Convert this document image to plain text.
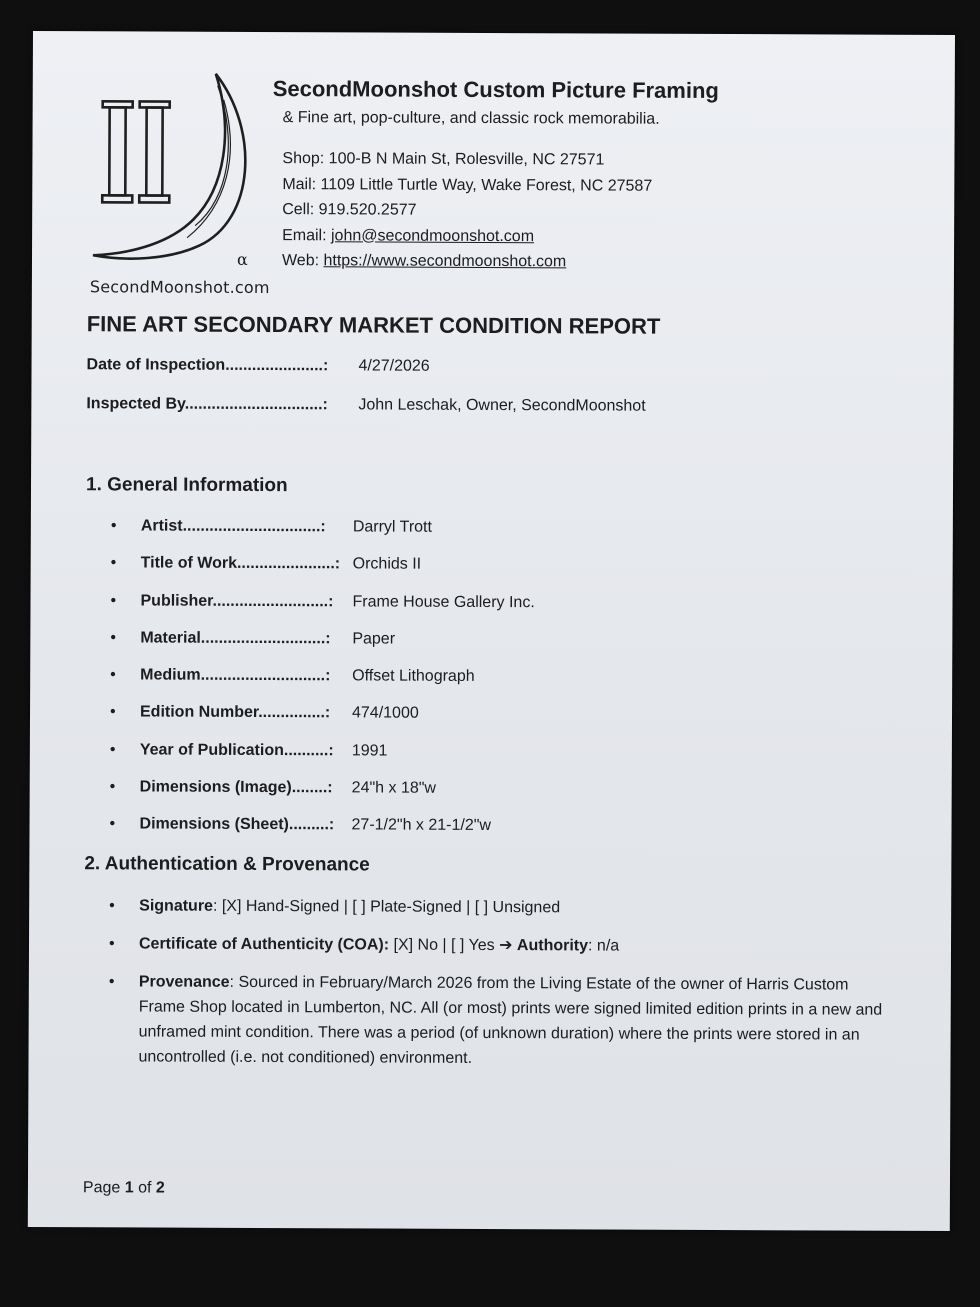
α
SecondMoonshot.com
SecondMoonshot Custom Picture Framing
& Fine art, pop-culture, and classic rock memorabilia.
Shop: 100-B N Main St, Rolesville, NC 27571
Mail: 1109 Little Turtle Way, Wake Forest, NC 27587
Cell: 919.520.2577
Email: john@secondmoonshot.com
Web: https://www.secondmoonshot.com
FINE ART SECONDARY MARKET CONDITION REPORT
Date of Inspection......................:	4/27/2026
Inspected By...............................:	John Leschak, Owner, SecondMoonshot
1. General Information
• Artist...............................:	Darryl Trott
• Title of Work......................: Orchids II
• Publisher..........................:	Frame House Gallery Inc.
• Material............................:	Paper
• Medium............................:	Offset Lithograph
• Edition Number...............:	474/1000
• Year of Publication..........:	1991
• Dimensions (Image)........:	24"h x 18"w
• Dimensions (Sheet).........:	27-1/2"h x 21-1/2"w
2. Authentication & Provenance
• Signature: [X] Hand-Signed | [ ] Plate-Signed | [ ] Unsigned
• Certificate of Authenticity (COA): [X] No | [ ] Yes ➔ Authority: n/a
• Provenance: Sourced in February/March 2026 from the Living Estate of the owner of Harris Custom Frame Shop located in Lumberton, NC. All (or most) prints were signed limited edition prints in a new and unframed mint condition. There was a period (of unknown duration) where the prints were stored in an uncontrolled (i.e. not conditioned) environment.
Page 1 of 2
